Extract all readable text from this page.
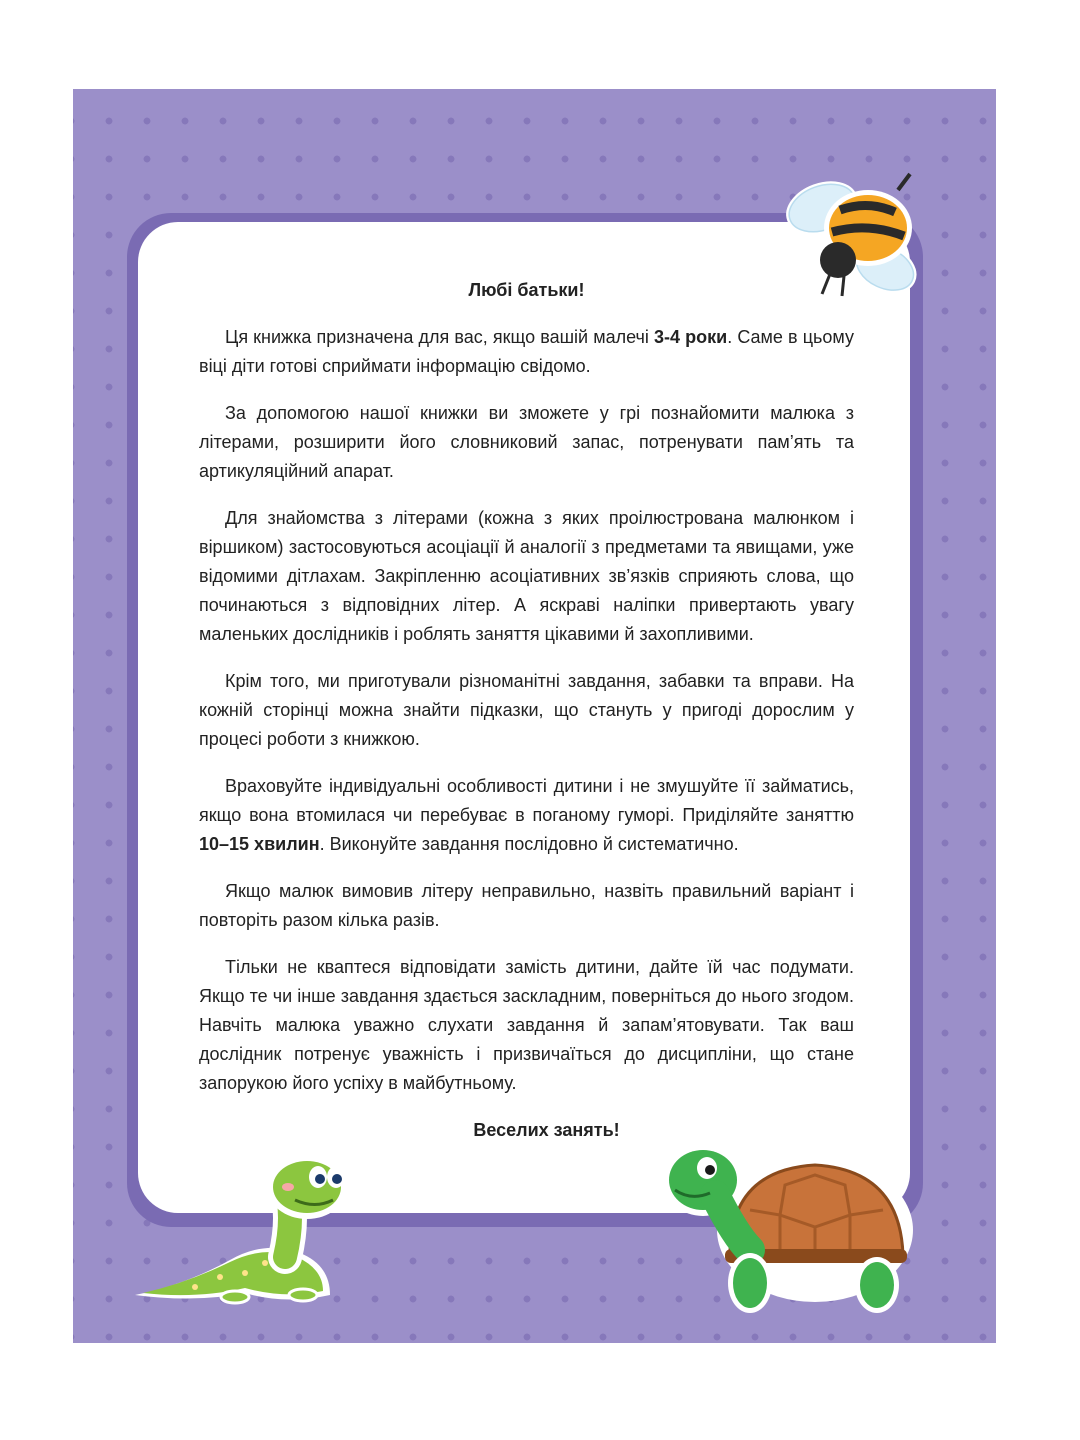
Любі батьки!

Ця книжка призначена для вас, якщо вашій малечі 3-4 роки. Саме в цьому віці діти готові сприймати інформацію свідомо.

За допомогою нашої книжки ви зможете у грі познайомити малюка з літерами, розширити його словниковий запас, потренувати пам’ять та артикуляційний апарат.

Для знайомства з літерами (кожна з яких проілюстрована малюнком і віршиком) застосовуються асоціації й аналогії з предметами та явищами, уже відомими дітлахам. Закріпленню асоціативних зв’язків сприяють слова, що починаються з відповідних літер. А яскраві наліпки привертають увагу маленьких дослідників і роблять заняття цікавими й захопливими.

Крім того, ми приготували різноманітні завдання, забавки та вправи. На кожній сторінці можна знайти підказки, що стануть у пригоді дорослим у процесі роботи з книжкою.

Враховуйте індивідуальні особливості дитини і не змушуйте її займатись, якщо вона втомилася чи перебуває в поганому гуморі. Приділяйте заняттю 10–15 хвилин. Виконуйте завдання послідовно й систематично.

Якщо малюк вимовив літеру неправильно, назвіть правильний варіант і повторіть разом кілька разів.

Тільки не кваптеся відповідати замість дитини, дайте їй час подумати. Якщо те чи інше завдання здається заскладним, поверніться до нього згодом. Навчіть малюка уважно слухати завдання й запам’ятовувати. Так ваш дослідник потренує уважність і призвичаїться до дисципліни, що стане запорукою його успіху в майбутньому.

Веселих занять!
